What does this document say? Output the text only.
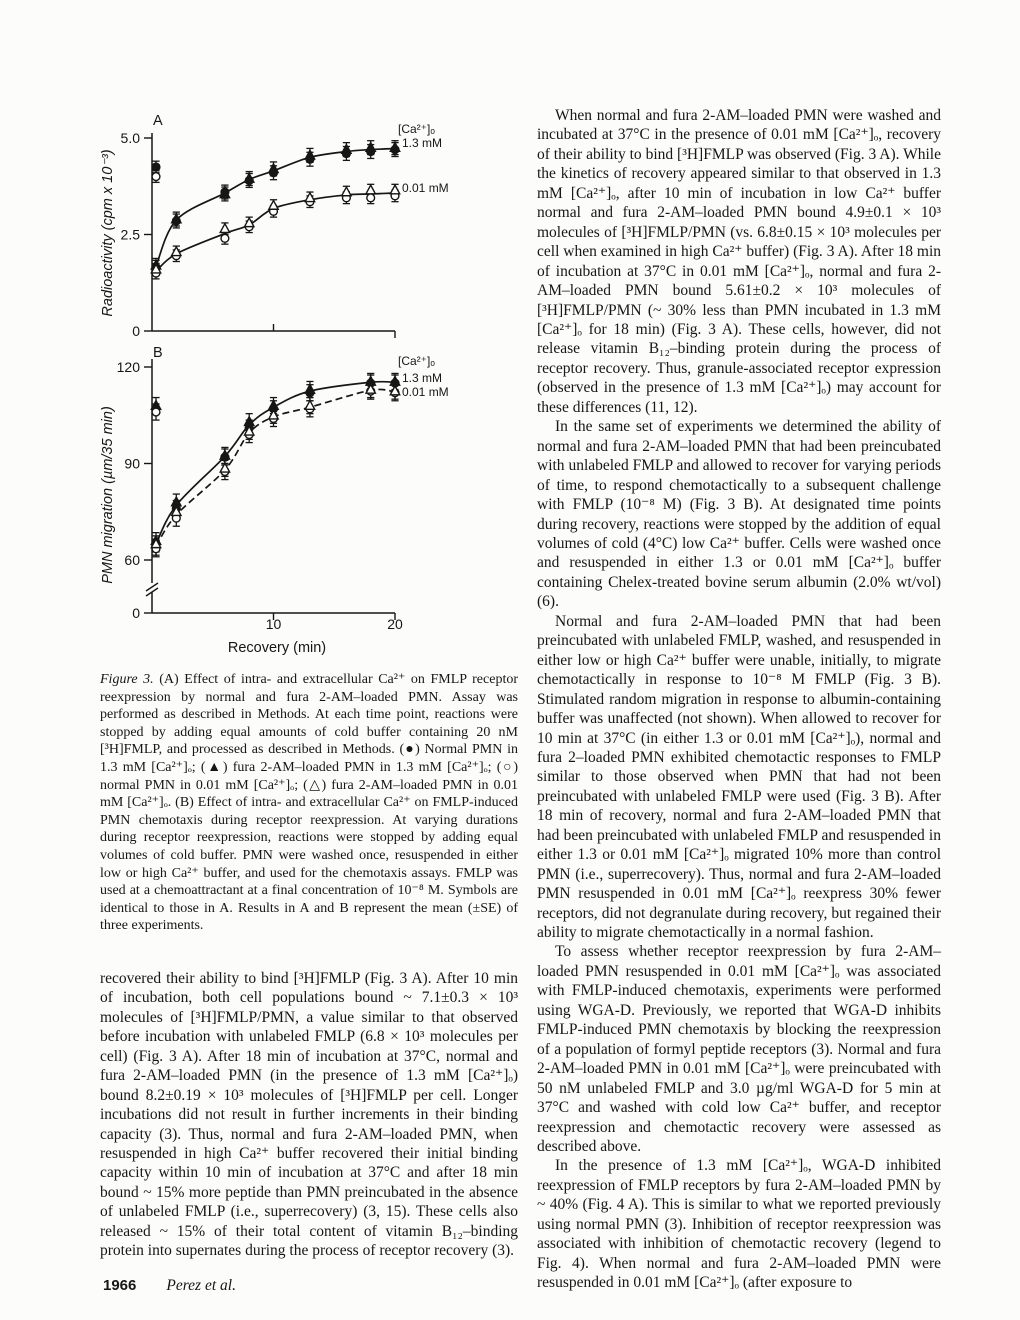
5.0
2.5
0
A
Radioactivity (cpm x 10⁻³)
[Ca²⁺]ₒ
1.3 mM
0.01 mM
120
90
60
0
10	20
B
PMN migration (µm/35 min)
Recovery (min)
[Ca²⁺]ₒ
1.3 mM
0.01 mM
Figure 3. (A) Effect of intra- and extracellular Ca²⁺ on FMLP receptor reexpression by normal and fura 2-AM–loaded PMN. Assay was performed as described in Methods. At each time point, reactions were stopped by adding equal amounts of cold buffer containing 20 nM [³H]FMLP, and processed as described in Methods. (●) Normal PMN in 1.3 mM [Ca²⁺]ₒ; (▲) fura 2-AM–loaded PMN in 1.3 mM [Ca²⁺]ₒ; (○) normal PMN in 0.01 mM [Ca²⁺]ₒ; (△) fura 2-AM–loaded PMN in 0.01 mM [Ca²⁺]ₒ. (B) Effect of intra- and extracellular Ca²⁺ on FMLP-induced PMN chemotaxis during receptor reexpression. At varying durations during receptor reexpression, reactions were stopped by adding equal volumes of cold buffer. PMN were washed once, resuspended in either low or high Ca²⁺ buffer, and used for the chemotaxis assays. FMLP was used at a chemoattractant at a final concentration of 10⁻⁸ M. Symbols are identical to those in A. Results in A and B represent the mean (±SE) of three experiments.

recovered their ability to bind [³H]FMLP (Fig. 3 A). After 10 min of incubation, both cell populations bound ~ 7.1±0.3 × 10³ molecules of [³H]FMLP/PMN, a value similar to that observed before incubation with unlabeled FMLP (6.8 × 10³ molecules per cell) (Fig. 3 A). After 18 min of incubation at 37°C, normal and fura 2-AM–loaded PMN (in the presence of 1.3 mM [Ca²⁺]ₒ) bound 8.2±0.19 × 10³ molecules of [³H]FMLP per cell. Longer incubations did not result in further increments in their binding capacity (3). Thus, normal and fura 2-AM–loaded PMN, when resuspended in high Ca²⁺ buffer recovered their initial binding capacity within 10 min of incubation at 37°C and after 18 min bound ~ 15% more peptide than PMN preincubated in the absence of unlabeled FMLP (i.e., superrecovery) (3, 15). These cells also released ~ 15% of their total content of vitamin B₁₂–binding protein into supernates during the process of receptor recovery (3).

When normal and fura 2-AM–loaded PMN were washed and incubated at 37°C in the presence of 0.01 mM [Ca²⁺]ₒ, recovery of their ability to bind [³H]FMLP was observed (Fig. 3 A). While the kinetics of recovery appeared similar to that observed in 1.3 mM [Ca²⁺]ₒ, after 10 min of incubation in low Ca²⁺ buffer normal and fura 2-AM–loaded PMN bound 4.9±0.1 × 10³ molecules of [³H]FMLP/PMN (vs. 6.8±0.15 × 10³ molecules per cell when examined in high Ca²⁺ buffer) (Fig. 3 A). After 18 min of incubation at 37°C in 0.01 mM [Ca²⁺]ₒ, normal and fura 2-AM–loaded PMN bound 5.61±0.2 × 10³ molecules of [³H]FMLP/PMN (~ 30% less than PMN incubated in 1.3 mM [Ca²⁺]ₒ for 18 min) (Fig. 3 A). These cells, however, did not release vitamin B₁₂–binding protein during the process of receptor recovery. Thus, granule-associated receptor expression (observed in the presence of 1.3 mM [Ca²⁺]ₒ) may account for these differences (11, 12).

In the same set of experiments we determined the ability of normal and fura 2-AM–loaded PMN that had been preincubated with unlabeled FMLP and allowed to recover for varying periods of time, to respond chemotactically to a subsequent challenge with FMLP (10⁻⁸ M) (Fig. 3 B). At designated time points during recovery, reactions were stopped by the addition of equal volumes of cold (4°C) low Ca²⁺ buffer. Cells were washed once and resuspended in either 1.3 or 0.01 mM [Ca²⁺]ₒ buffer containing Chelex-treated bovine serum albumin (2.0% wt/vol) (6).

Normal and fura 2-AM–loaded PMN that had been preincubated with unlabeled FMLP, washed, and resuspended in either low or high Ca²⁺ buffer were unable, initially, to migrate chemotactically in response to 10⁻⁸ M FMLP (Fig. 3 B). Stimulated random migration in response to albumin-containing buffer was unaffected (not shown). When allowed to recover for 10 min at 37°C (in either 1.3 or 0.01 mM [Ca²⁺]ₒ), normal and fura 2–loaded PMN exhibited chemotactic responses to FMLP similar to those observed when PMN that had not been preincubated with unlabeled FMLP were used (Fig. 3 B). After 18 min of recovery, normal and fura 2-AM–loaded PMN that had been preincubated with unlabeled FMLP and resuspended in either 1.3 or 0.01 mM [Ca²⁺]ₒ migrated 10% more than control PMN (i.e., superrecovery). Thus, normal and fura 2-AM–loaded PMN resuspended in 0.01 mM [Ca²⁺]ₒ reexpress 30% fewer receptors, did not degranulate during recovery, but regained their ability to migrate chemotactically in a normal fashion.

To assess whether receptor reexpression by fura 2-AM–loaded PMN resuspended in 0.01 mM [Ca²⁺]ₒ was associated with FMLP-induced chemotaxis, experiments were performed using WGA-D. Previously, we reported that WGA-D inhibits FMLP-induced PMN chemotaxis by blocking the reexpression of a population of formyl peptide receptors (3). Normal and fura 2-AM–loaded PMN in 0.01 mM [Ca²⁺]ₒ were preincubated with 50 nM unlabeled FMLP and 3.0 µg/ml WGA-D for 5 min at 37°C and washed with cold low Ca²⁺ buffer, and receptor reexpression and chemotactic recovery were assessed as described above.

In the presence of 1.3 mM [Ca²⁺]ₒ, WGA-D inhibited reexpression of FMLP receptors by fura 2-AM–loaded PMN by ~ 40% (Fig. 4 A). This is similar to what we reported previously using normal PMN (3). Inhibition of receptor reexpression was associated with inhibition of chemotactic recovery (legend to Fig. 4). When normal and fura 2-AM–loaded PMN were resuspended in 0.01 mM [Ca²⁺]ₒ (after exposure to

1966 Perez et al.
